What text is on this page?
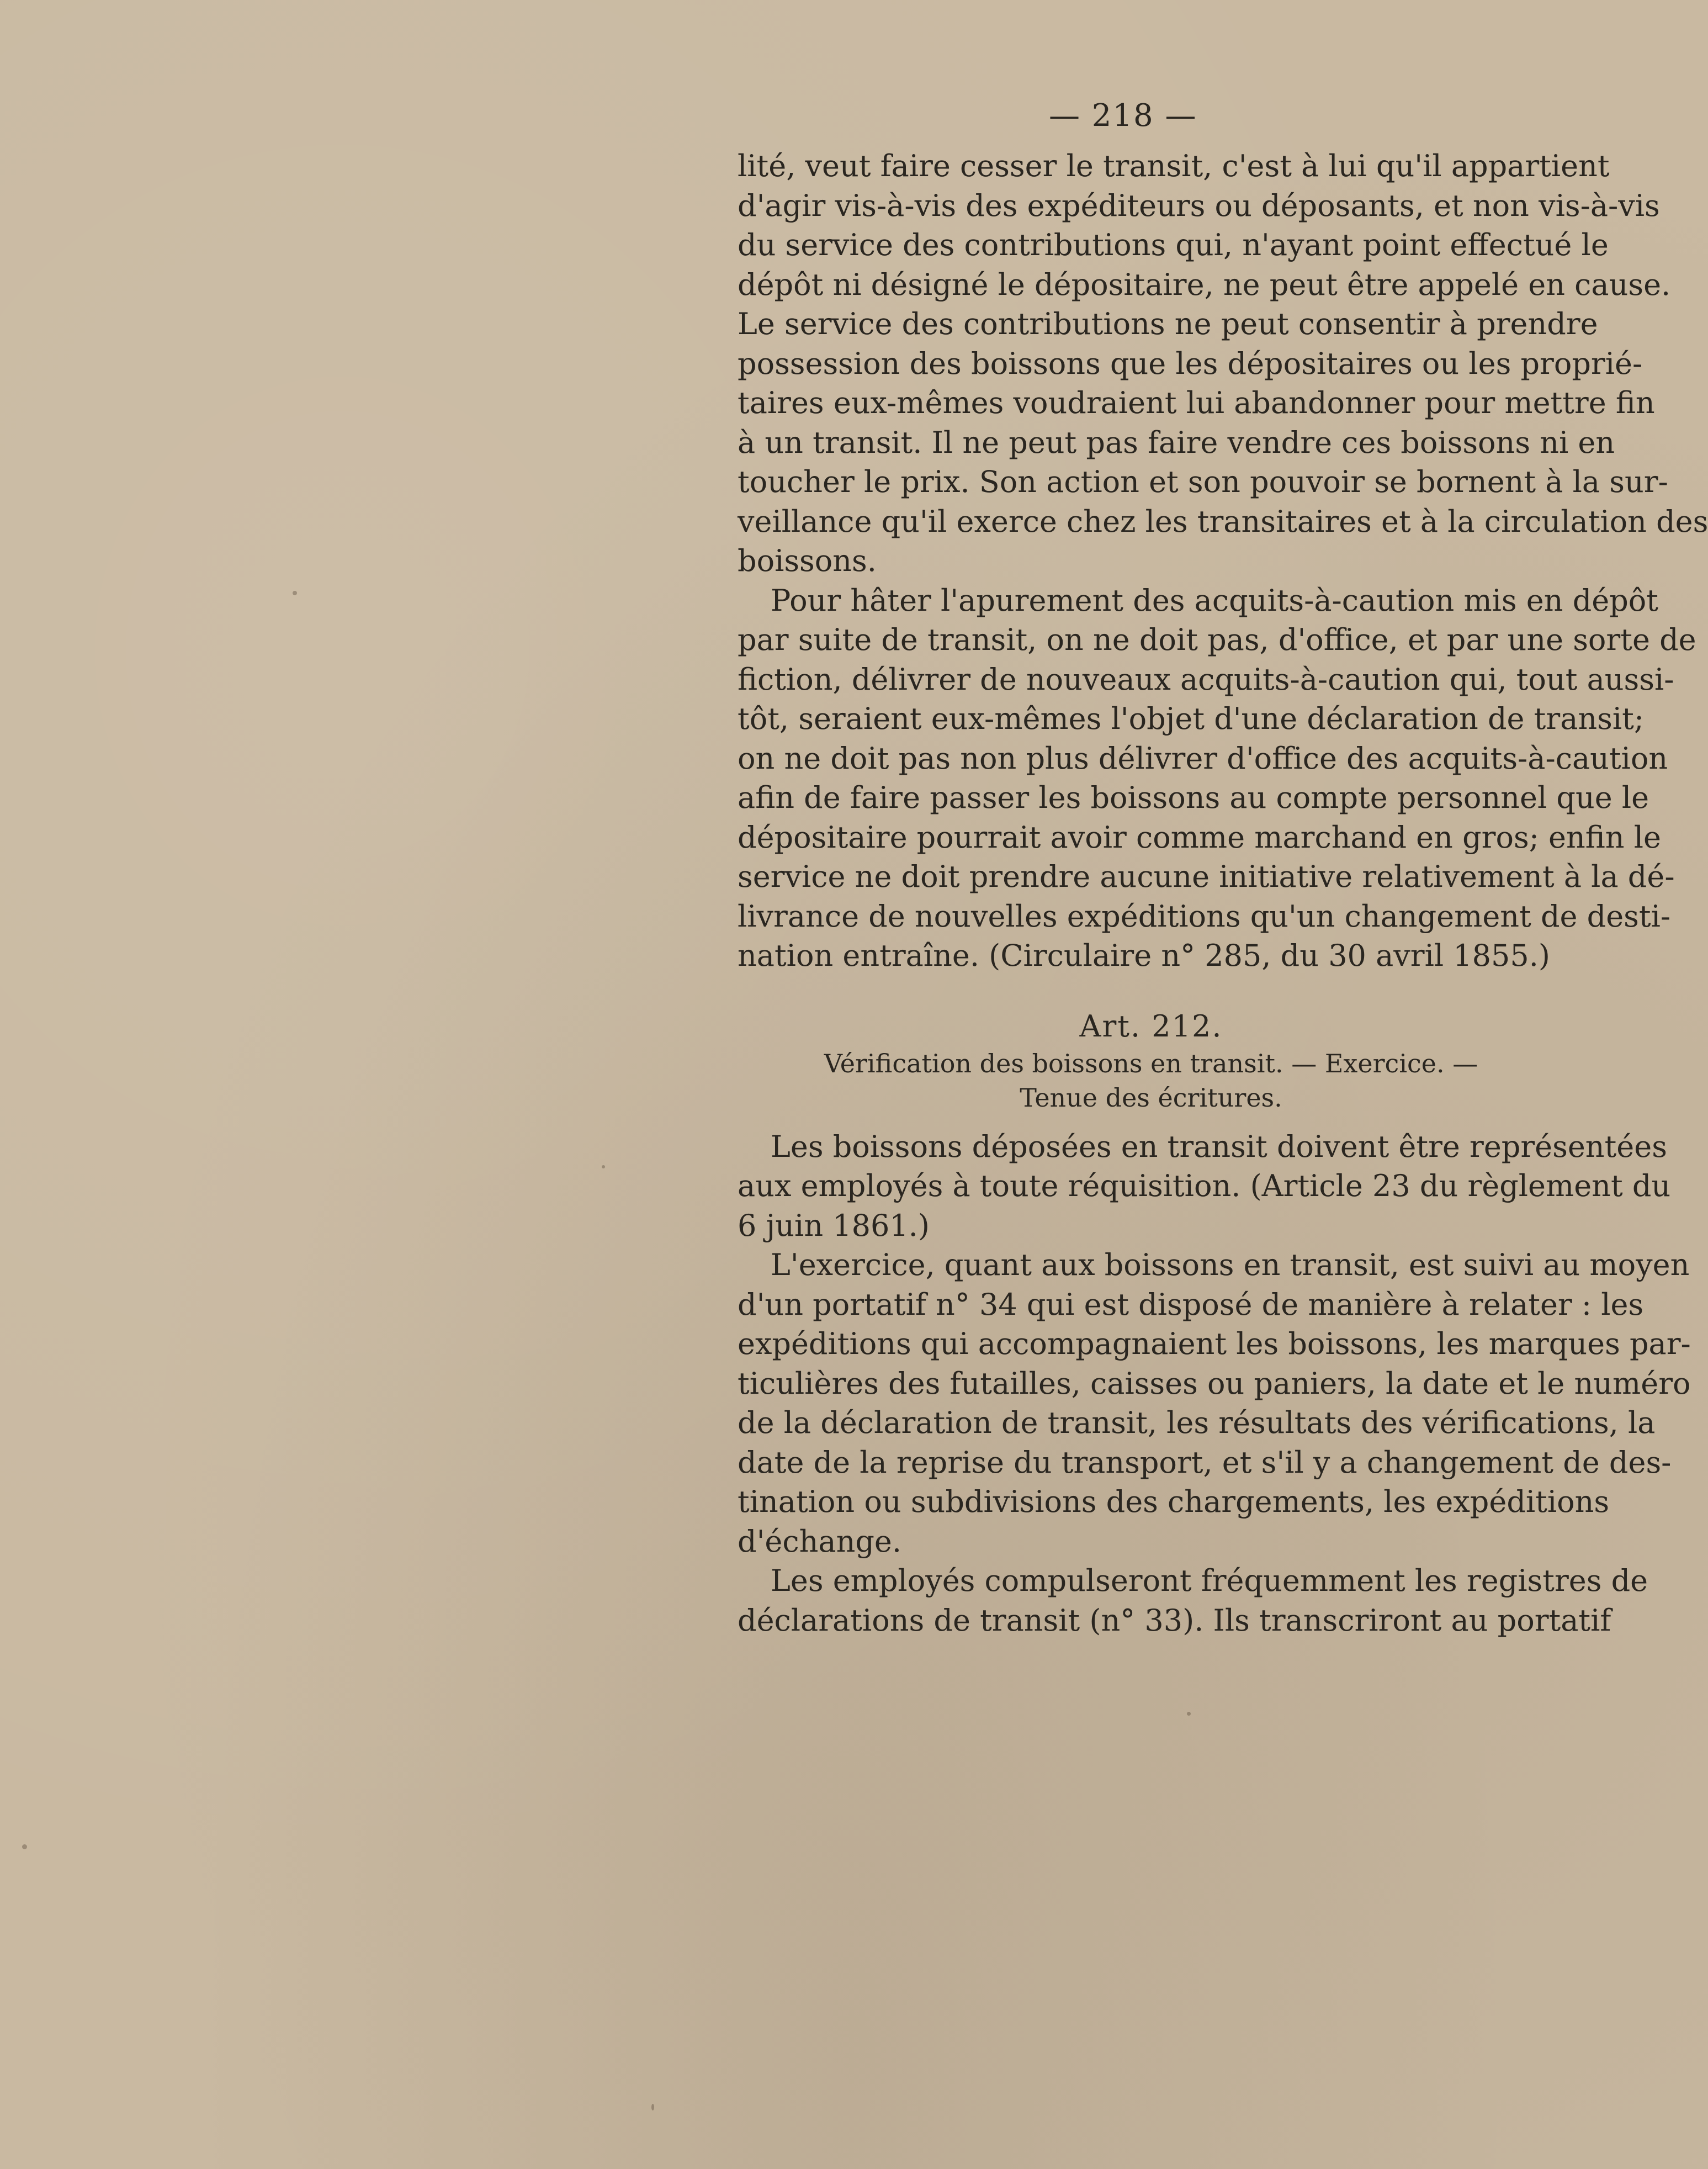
— 218 —
lité, veut faire cesser le transit, c'est à lui qu'il appartient
d'agir vis-à-vis des expéditeurs ou déposants, et non vis-à-vis
du service des contributions qui, n'ayant point effectué le
dépôt ni désigné le dépositaire, ne peut être appelé en cause.
Le service des contributions ne peut consentir à prendre
possession des boissons que les dépositaires ou les proprié-
taires eux-mêmes voudraient lui abandonner pour mettre fin
à un transit. Il ne peut pas faire vendre ces boissons ni en
toucher le prix. Son action et son pouvoir se bornent à la sur-
veillance qu'il exerce chez les transitaires et à la circulation des
boissons.
Pour hâter l'apurement des acquits-à-caution mis en dépôt
par suite de transit, on ne doit pas, d'office, et par une sorte de
fiction, délivrer de nouveaux acquits-à-caution qui, tout aussi-
tôt, seraient eux-mêmes l'objet d'une déclaration de transit;
on ne doit pas non plus délivrer d'office des acquits-à-caution
afin de faire passer les boissons au compte personnel que le
dépositaire pourrait avoir comme marchand en gros; enfin le
service ne doit prendre aucune initiative relativement à la dé-
livrance de nouvelles expéditions qu'un changement de desti-
nation entraîne. (Circulaire n° 285, du 30 avril 1855.)
Art. 212.
Vérification des boissons en transit. — Exercice. —
Tenue des écritures.
Les boissons déposées en transit doivent être représentées
aux employés à toute réquisition. (Article 23 du règlement du
6 juin 1861.)
L'exercice, quant aux boissons en transit, est suivi au moyen
d'un portatif n° 34 qui est disposé de manière à relater : les
expéditions qui accompagnaient les boissons, les marques par-
ticulières des futailles, caisses ou paniers, la date et le numéro
de la déclaration de transit, les résultats des vérifications, la
date de la reprise du transport, et s'il y a changement de des-
tination ou subdivisions des chargements, les expéditions
d'échange.
Les employés compulseront fréquemment les registres de
déclarations de transit (n° 33). Ils transcriront au portatif
